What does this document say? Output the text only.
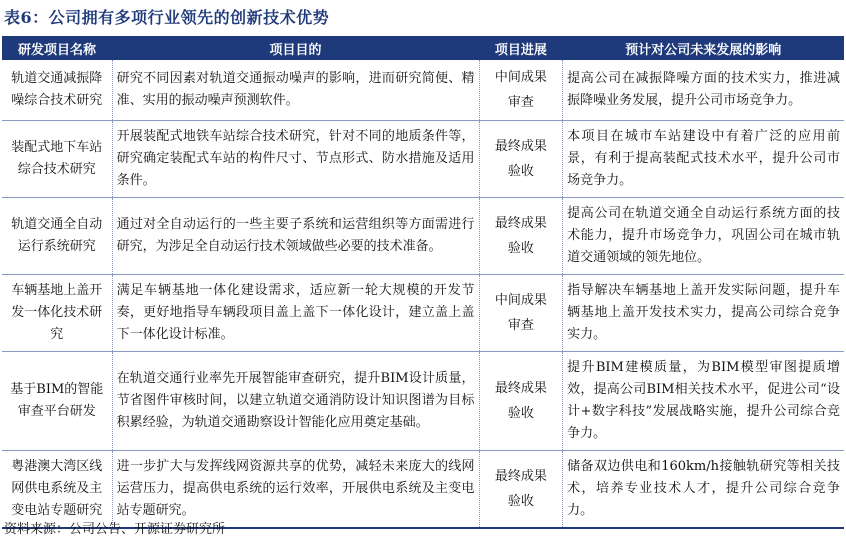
表6：公司拥有多项行业领先的创新技术优势
研发项目名称	项目目的	项目进展	预计对公司未来发展的影响
轨道交通减振降噪综合技术研究	研究不同因素对轨道交通振动噪声的影响，进而研究简便、精准、实用的振动噪声预测软件。	中间成果审查	提高公司在减振降噪方面的技术实力，推进减振降噪业务发展，提升公司市场竞争力。
装配式地下车站综合技术研究	开展装配式地铁车站综合技术研究，针对不同的地质条件等，研究确定装配式车站的构件尺寸、节点形式、防水措施及适用条件。	最终成果验收	本项目在城市车站建设中有着广泛的应用前景，有利于提高装配式技术水平，提升公司市场竞争力。
轨道交通全自动运行系统研究	通过对全自动运行的一些主要子系统和运营组织等方面需进行研究，为涉足全自动运行技术领域做些必要的技术准备。	最终成果验收	提高公司在轨道交通全自动运行系统方面的技术能力，提升市场竞争力，巩固公司在城市轨道交通领域的领先地位。
车辆基地上盖开发一体化技术研究	满足车辆基地一体化建设需求，适应新一轮大规模的开发节奏，更好地指导车辆段项目盖上盖下一体化设计，建立盖上盖下一体化设计标准。	中间成果审查	指导解决车辆基地上盖开发实际问题，提升车辆基地上盖开发技术实力，提高公司综合竞争实力。
基于BIM的智能审查平台研发	在轨道交通行业率先开展智能审查研究，提升BIM设计质量，节省图件审核时间，以建立轨道交通消防设计知识图谱为目标积累经验，为轨道交通勘察设计智能化应用奠定基础。	最终成果验收	提升BIM建模质量，为BIM模型审图提质增效，提高公司BIM相关技术水平，促进公司“设计+数字科技”发展战略实施，提升公司综合竞争力。
粤港澳大湾区线网供电系统及主变电站专题研究	进一步扩大与发挥线网资源共享的优势，减轻未来庞大的线网运营压力，提高供电系统的运行效率，开展供电系统及主变电站专题研究。	最终成果验收	储备双边供电和160km/h接触轨研究等相关技术，培养专业技术人才，提升公司综合竞争力。
资料来源：公司公告、开源证券研究所
